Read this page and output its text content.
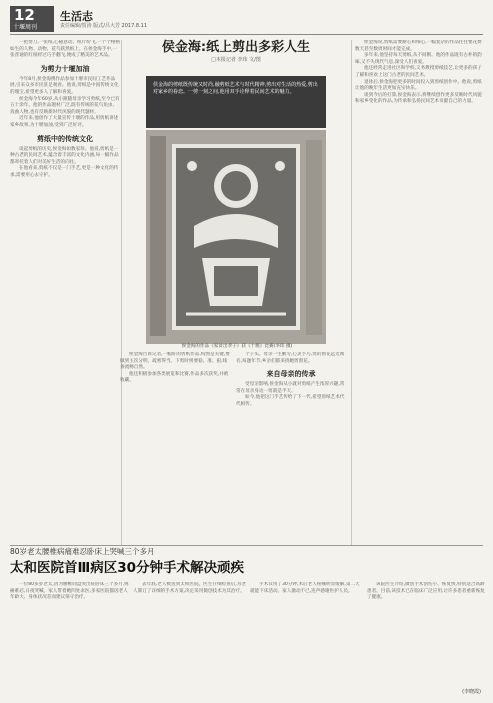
12
十堰周刊
生活志
责任编辑/贺涛 版式/吕大芳 2017.8.11

一把剪刀,一张纸,心随意动。纸片纷飞,一个个栩栩如生的人物、动物、花鸟跃然纸上。在侯金海手中,一张普通的红纸经过巧手翻飞,便成了精美的艺术品。

为剪力十堰加油

今年8月,侯金海携作品参加十堰市民间工艺作品展,引来众多市民驻足观看。他说,剪纸是中国传统文化的瑰宝,希望更多人了解和喜爱。

侯金海今年60岁,从小跟随母亲学习剪纸,至今已有五十余年。他的作品题材广泛,既有传统的花鸟鱼虫、戏曲人物,也有反映新时代风貌的现代题材。

近年来,他创作了大量宣传十堰的作品,用剪纸讲述家乡故事,为十堰加油,受到广泛好评。

剪纸中的传统文化

谈起剪纸的历史,侯金海如数家珍。他说,剪纸是一种古老的民间艺术,蕴含着丰富的文化内涵,每一幅作品都寄托着人们对美好生活的向往。

在他看来,剪纸不仅是一门手艺,更是一种文化的传承,需要用心去守护。

侯金海:纸上剪出多彩人生
□本报记者 李玮 文/图
侯金海的剪纸既传统又时尚,融剪纸艺术与时代精神,剪出对生活的热爱,剪出对家乡的眷恋。一剪一刻之间,他用双手诠释着民间艺术的魅力。
侯金海的作品《家贫出孝子》获《十堰》比赛(李玮 摄)

侯金海告诉记者,一幅好的剪纸作品,构图是关键,要做到主次分明、疏密得当。下剪时则要稳、准、狠,线条流畅自然。

他还积极参加各类展览和比赛,作品多次获奖,并被收藏。

个子头。母亲一生勤劳,心灵手巧,剪的窗花远近闻名,每逢年节,乡亲们都来找她剪窗花。

来自母亲的传承

受母亲影响,侯金海从小就对剪纸产生浓厚兴趣,常常在母亲身边一剪就是半天。

如今,他把这门手艺传给了下一代,希望剪纸艺术代代相传。

侯金海说,剪纸需要耐心和细心,一幅复杂的作品往往要花费数天甚至数周时间才能完成。

多年来,他坚持每天剪纸,从不间断。他的作品既有古朴的韵味,又不失现代气息,深受人们喜爱。

他还经常走进社区和学校,义务教授剪纸技艺,让更多的孩子了解和喜欢上这门古老的民间艺术。

退休后,侯金海把更多的时间投入到剪纸创作中。他说,剪纸让他的晚年生活更加充实快乐。

谈到今后的打算,侯金海表示,将继续创作更多反映时代风貌和家乡变化的作品,为传承和弘扬民间艺术贡献自己的力量。

80岁老太腰椎病痛难忍卧床上哭喊三个多月
太和医院首Ⅲ病区30分钟手术解决顽疾

一位80多岁老太,因为腰椎间盘突出症卧床三个多月,疼痛难忍,日夜哭喊。家人带着她四处求医,多家医院都因老人年龄大、身体状况差而建议保守治疗。

去年底,老人被送到太和医院。医生仔细检查后,为老人制订了详细的手术方案,决定采用微创技术为其治疗。

手术仅用了30分钟,术后老人疼痛明显缓解,第二天就能下床活动。家人激动不已,连声感谢医护人员。

该院医生介绍,微创手术创伤小、恢复快,特别适合高龄患者。目前,该技术已在临床广泛应用,让许多患者重新恢复了健康。

(李晓霞)
